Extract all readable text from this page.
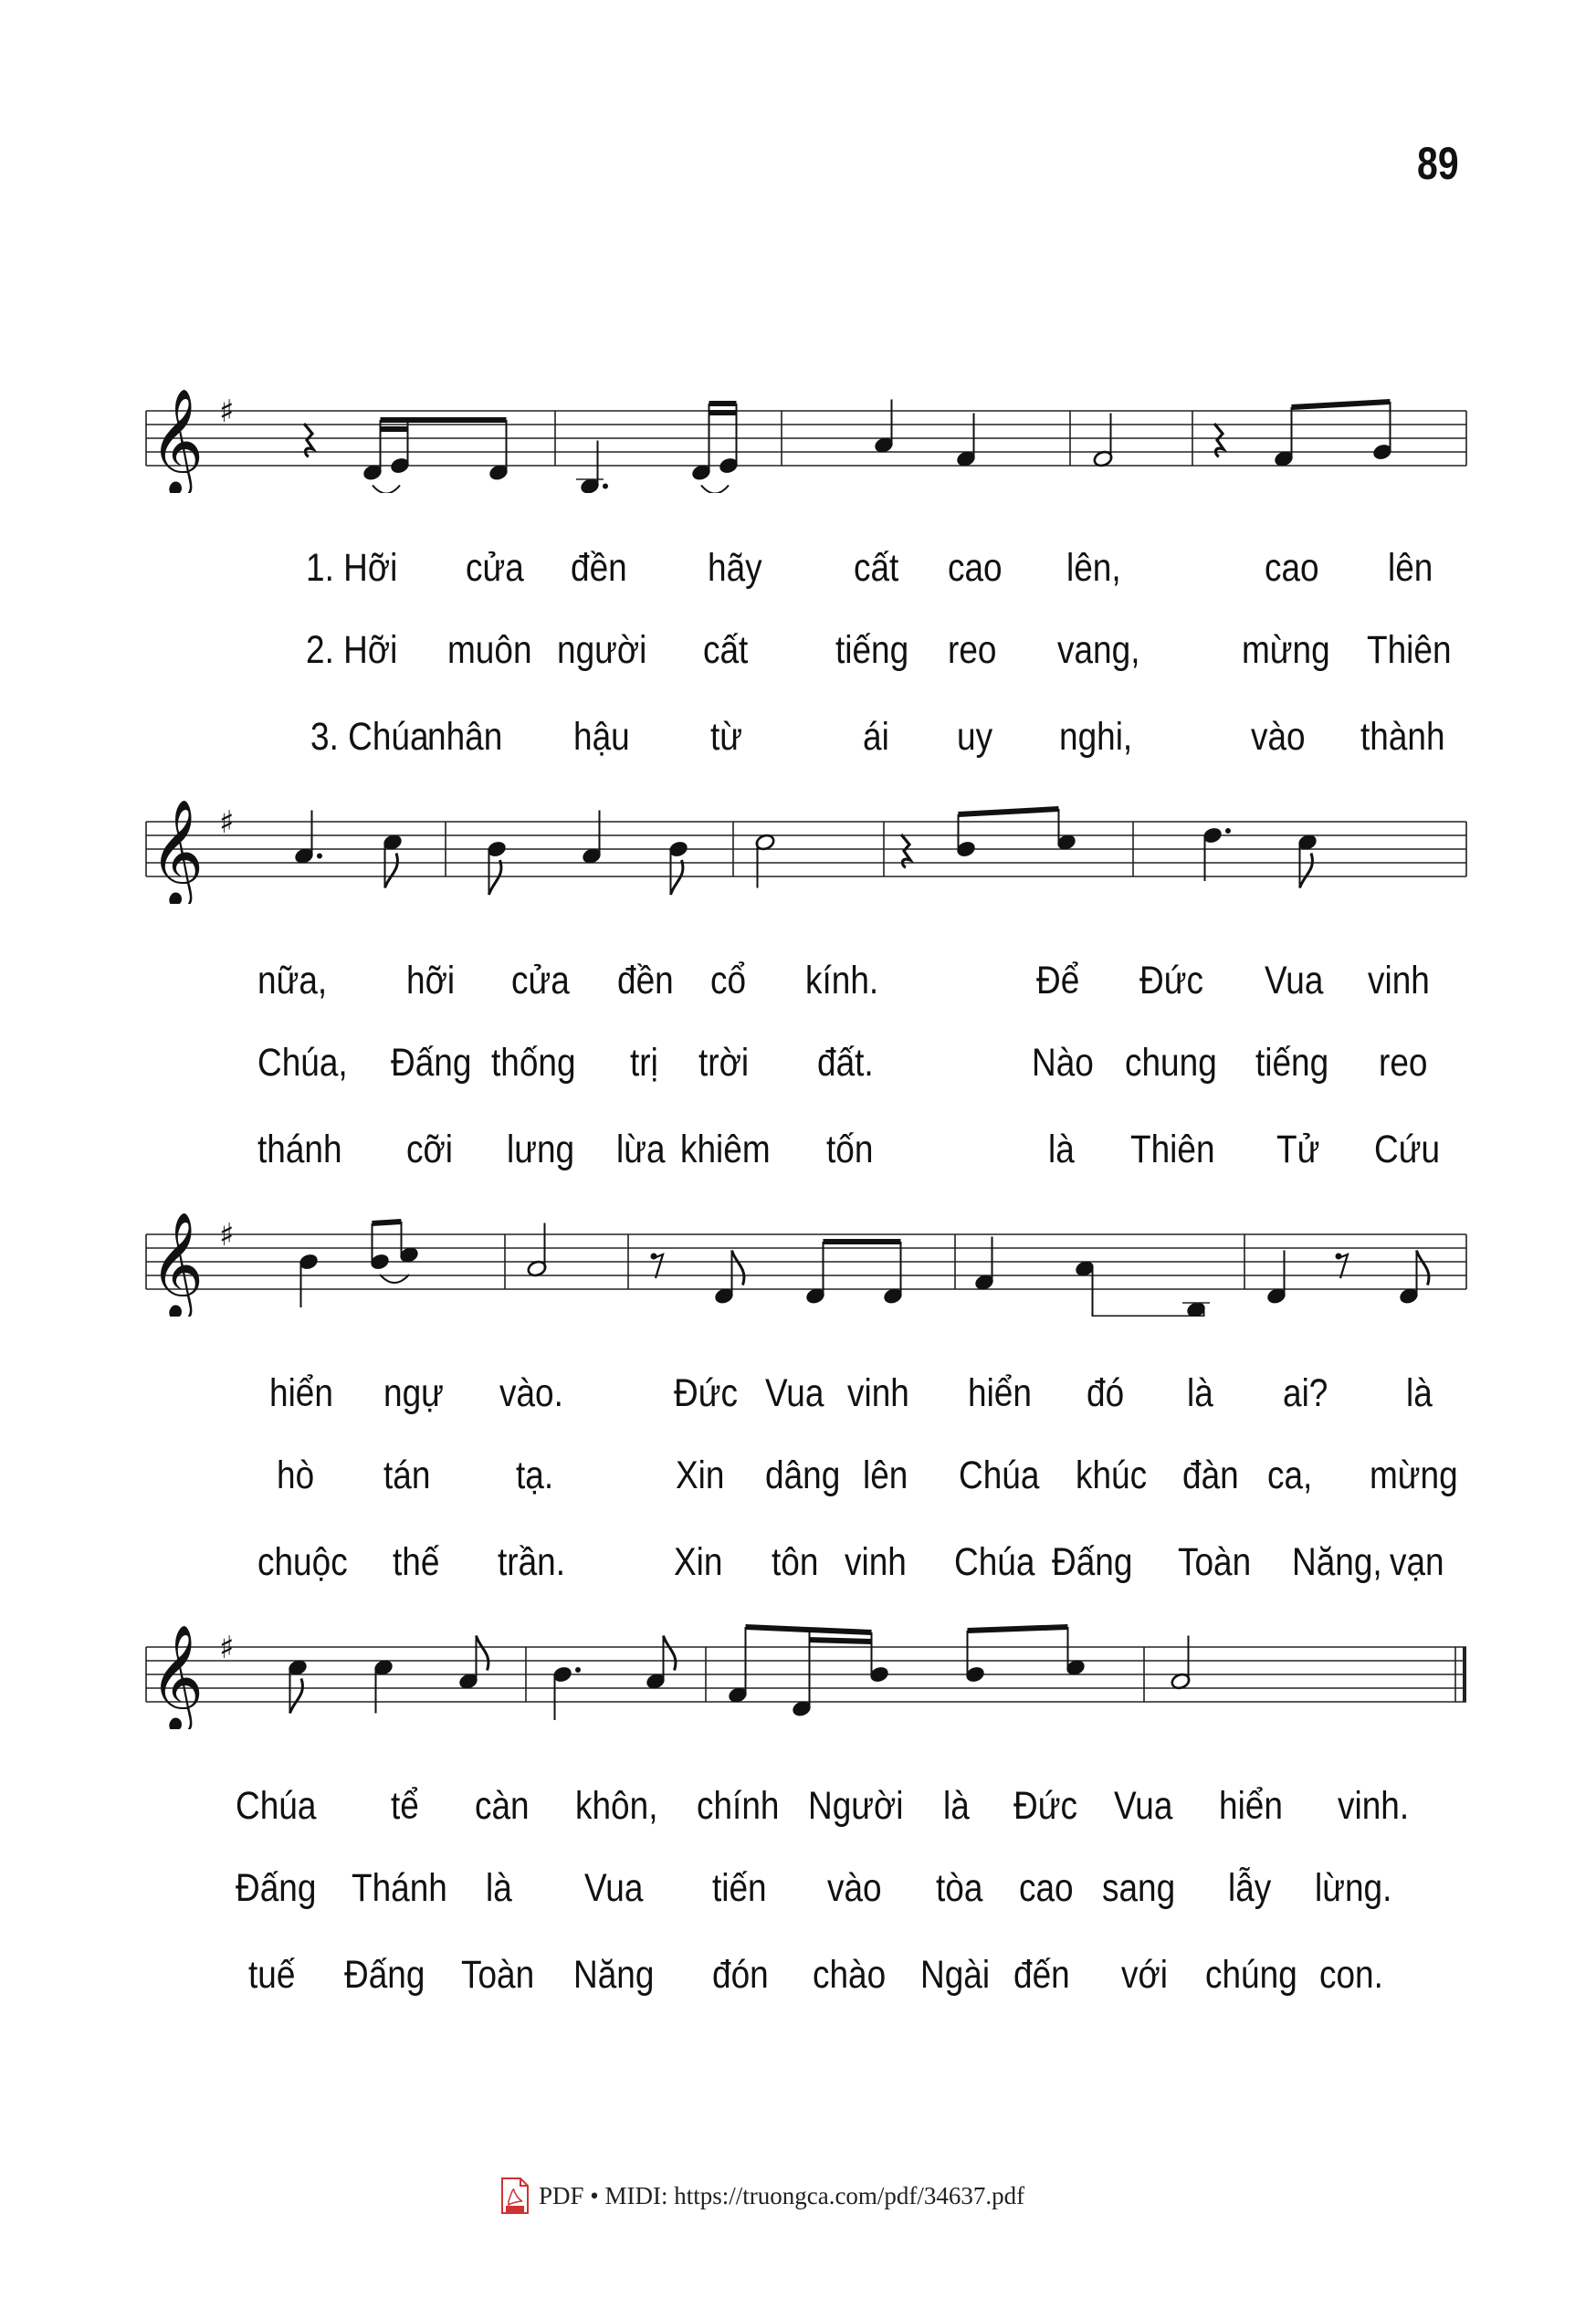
89
𝄞 ♯
1. Hỡi cửa đền hãy cất cao lên,	cao lên
2. Hỡi muôn người cất tiếng reo vang,	mừng Thiên
3. Chúa
nhân hậu từ	ái uy nghi,	vào thành
𝄞 ♯
nữa, hỡi cửa đền cổ kính.	Để Đức Vua vinh
Chúa, Đấng thống trị trời đất.	Nào chung tiếng reo
thánh cỡi lưng lừa khiêm tốn	là Thiên Tử Cứu
𝄞 ♯
hiển ngự vào.	Đức Vua vinh hiển đó là ai? là
hò tán tạ.	Xin dâng lên Chúa khúc đàn ca, mừng
chuộc thế trần.	Xin tôn vinh Chúa Đấng Toàn Năng, vạn
𝄞 ♯
Chúa tể càn khôn, chính Người là Đức Vua hiển vinh.
Đấng Thánh là Vua tiến vào tòa cao sang lẫy lừng.
tuế Đấng Toàn Năng đón chào Ngài đến với chúng con.
PDF • MIDI: https://truongca.com/pdf/34637.pdf
